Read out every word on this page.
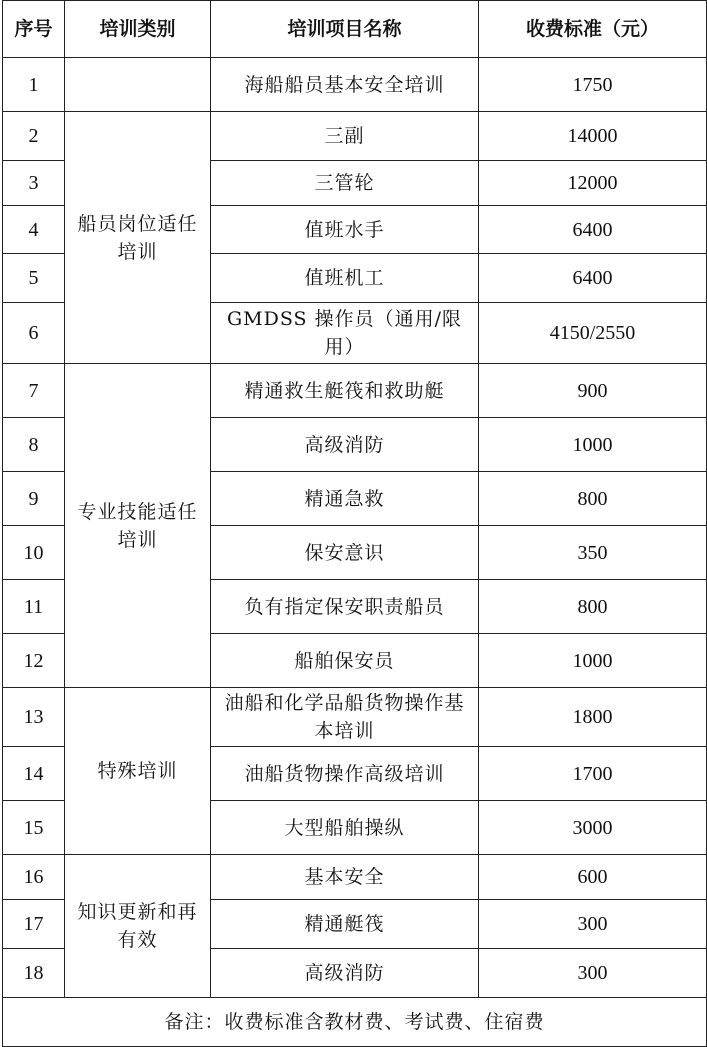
序号	培训类别	培训项目名称	收费标准（元）
1		海船船员基本安全培训	1750
2	船员岗位适任培训	三副	14000
3		三管轮	12000
4		值班水手	6400
5		值班机工	6400
6		GMDSS 操作员（通用/限用）	4150/2550
7	专业技能适任培训	精通救生艇筏和救助艇	900
8		高级消防	1000
9		精通急救	800
10		保安意识	350
11		负有指定保安职责船员	800
12		船舶保安员	1000
13	特殊培训	油船和化学品船货物操作基本培训	1800
14		油船货物操作高级培训	1700
15		大型船舶操纵	3000
16	知识更新和再有效	基本安全	600
17		精通艇筏	300
18		高级消防	300
备注：收费标准含教材费、考试费、住宿费			
